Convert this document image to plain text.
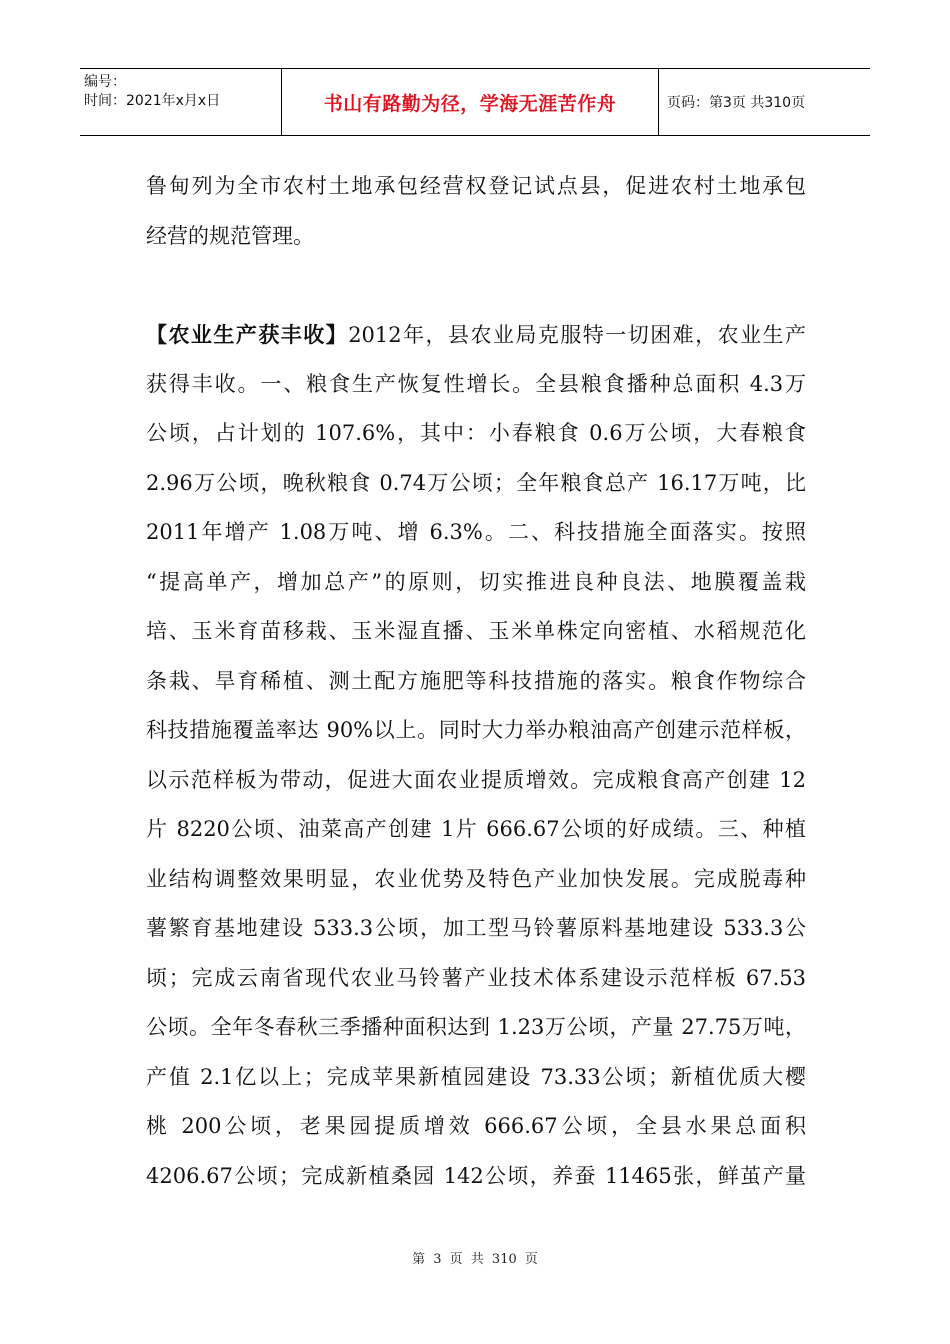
编号：
时间：2021年x月x日	书山有路勤为径，学海无涯苦作舟	页码：第3页 共310页
鲁甸列为全市农村土地承包经营权登记试点县，促进农村土地承包
经营的规范管理。
【农业生产获丰收】2012年，县农业局克服特一切困难，农业生产
获得丰收。一、粮食生产恢复性增长。全县粮食播种总面积 4.3万
公顷，占计划的 107.6%，其中：小春粮食 0.6万公顷，大春粮食
2.96万公顷，晚秋粮食 0.74万公顷；全年粮食总产 16.17万吨，比
2011年增产 1.08万吨、增 6.3%。二、科技措施全面落实。按照
“提高单产，增加总产”的原则，切实推进良种良法、地膜覆盖栽
培、玉米育苗移栽、玉米湿直播、玉米单株定向密植、水稻规范化
条栽、旱育稀植、测土配方施肥等科技措施的落实。粮食作物综合
科技措施覆盖率达 90%以上。同时大力举办粮油高产创建示范样板，
以示范样板为带动，促进大面农业提质增效。完成粮食高产创建 12
片 8220公顷、油菜高产创建 1片 666.67公顷的好成绩。三、种植
业结构调整效果明显，农业优势及特色产业加快发展。完成脱毒种
薯繁育基地建设 533.3公顷，加工型马铃薯原料基地建设 533.3公
顷；完成云南省现代农业马铃薯产业技术体系建设示范样板 67.53
公顷。全年冬春秋三季播种面积达到 1.23万公顷，产量 27.75万吨，
产值 2.1亿以上；完成苹果新植园建设 73.33公顷；新植优质大樱
桃 200公顷，老果园提质增效 666.67公顷，全县水果总面积
4206.67公顷；完成新植桑园 142公顷，养蚕 11465张，鲜茧产量
第 3 页 共 310 页
